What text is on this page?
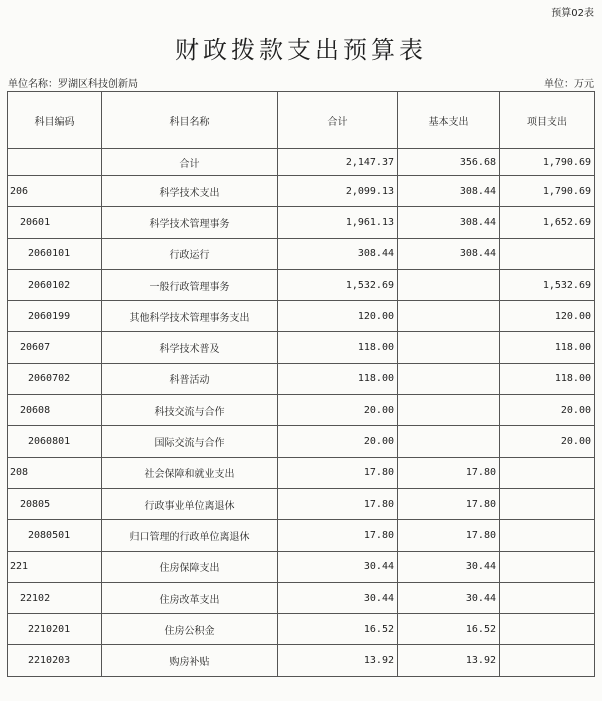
预算02表
财政拨款支出预算表
单位名称：罗湖区科技创新局	单位：万元
科目编码	科目名称	合计	基本支出	项目支出
	合计	2,147.37	356.68	1,790.69
206	科学技术支出	2,099.13	308.44	1,790.69
20601	科学技术管理事务	1,961.13	308.44	1,652.69
2060101	行政运行	308.44	308.44	
2060102	一般行政管理事务	1,532.69		1,532.69
2060199	其他科学技术管理事务支出	120.00		120.00
20607	科学技术普及	118.00		118.00
2060702	科普活动	118.00		118.00
20608	科技交流与合作	20.00		20.00
2060801	国际交流与合作	20.00		20.00
208	社会保障和就业支出	17.80	17.80	
20805	行政事业单位离退休	17.80	17.80	
2080501	归口管理的行政单位离退休	17.80	17.80	
221	住房保障支出	30.44	30.44	
22102	住房改革支出	30.44	30.44	
2210201	住房公积金	16.52	16.52	
2210203	购房补贴	13.92	13.92	
